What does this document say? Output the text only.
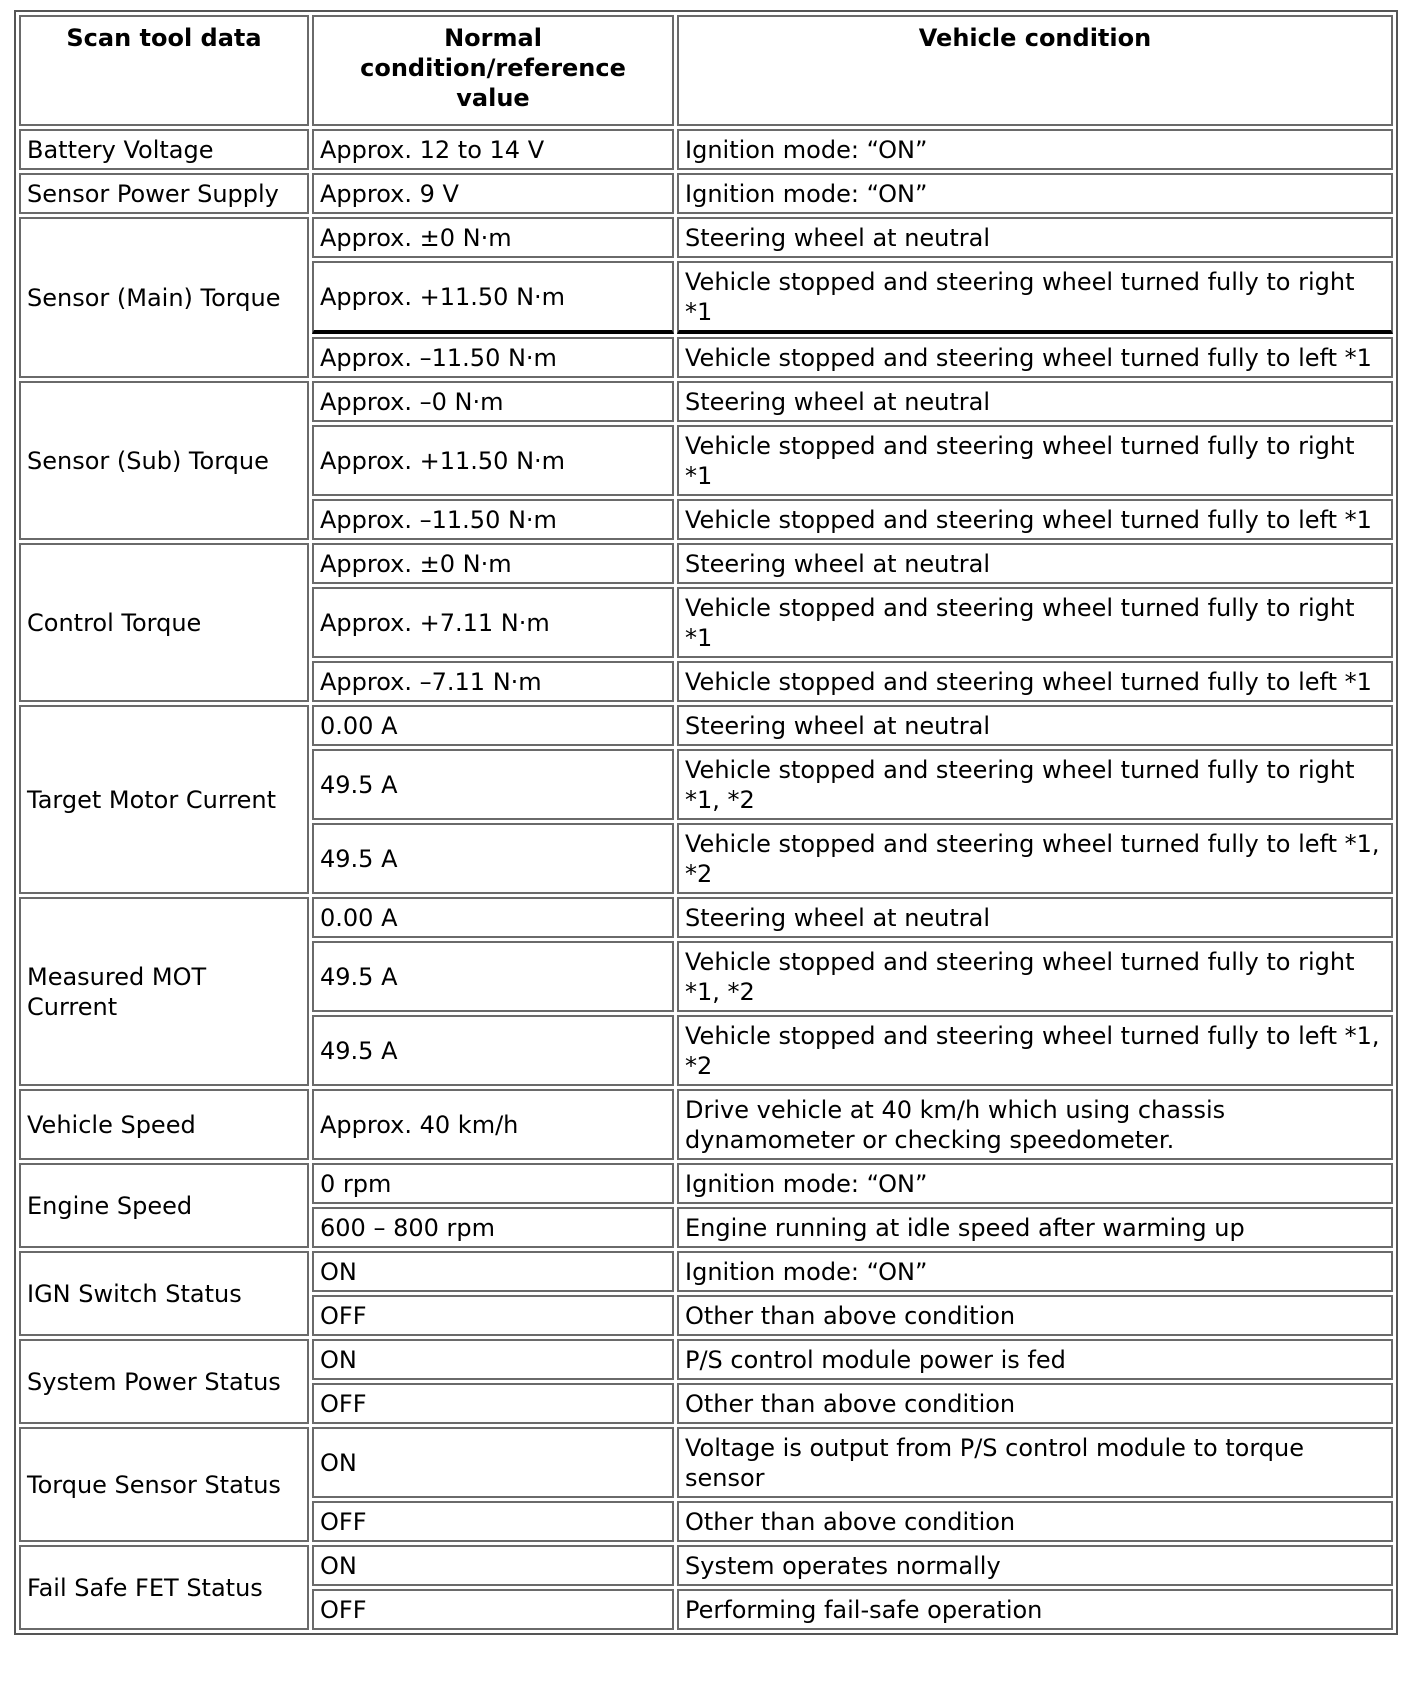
Scan tool data	Normal condition/reference value	Vehicle condition
Battery Voltage	Approx. 12 to 14 V	Ignition mode: “ON”
Sensor Power Supply	Approx. 9 V	Ignition mode: “ON”
Sensor (Main) Torque	Approx. ±0 N·m	Steering wheel at neutral
	Approx. +11.50 N·m	Vehicle stopped and steering wheel turned fully to right *1
	Approx. –11.50 N·m	Vehicle stopped and steering wheel turned fully to left *1
Sensor (Sub) Torque	Approx. –0 N·m	Steering wheel at neutral
	Approx. +11.50 N·m	Vehicle stopped and steering wheel turned fully to right *1
	Approx. –11.50 N·m	Vehicle stopped and steering wheel turned fully to left *1
Control Torque	Approx. ±0 N·m	Steering wheel at neutral
	Approx. +7.11 N·m	Vehicle stopped and steering wheel turned fully to right *1
	Approx. –7.11 N·m	Vehicle stopped and steering wheel turned fully to left *1
Target Motor Current	0.00 A	Steering wheel at neutral
	49.5 A	Vehicle stopped and steering wheel turned fully to right *1, *2
	49.5 A	Vehicle stopped and steering wheel turned fully to left *1, *2
Measured MOT Current	0.00 A	Steering wheel at neutral
	49.5 A	Vehicle stopped and steering wheel turned fully to right *1, *2
	49.5 A	Vehicle stopped and steering wheel turned fully to left *1, *2
Vehicle Speed	Approx. 40 km/h	Drive vehicle at 40 km/h which using chassis dynamometer or checking speedometer.
Engine Speed	0 rpm	Ignition mode: “ON”
	600 – 800 rpm	Engine running at idle speed after warming up
IGN Switch Status	ON	Ignition mode: “ON”
	OFF	Other than above condition
System Power Status	ON	P/S control module power is fed
	OFF	Other than above condition
Torque Sensor Status	ON	Voltage is output from P/S control module to torque sensor
	OFF	Other than above condition
Fail Safe FET Status	ON	System operates normally
	OFF	Performing fail-safe operation
